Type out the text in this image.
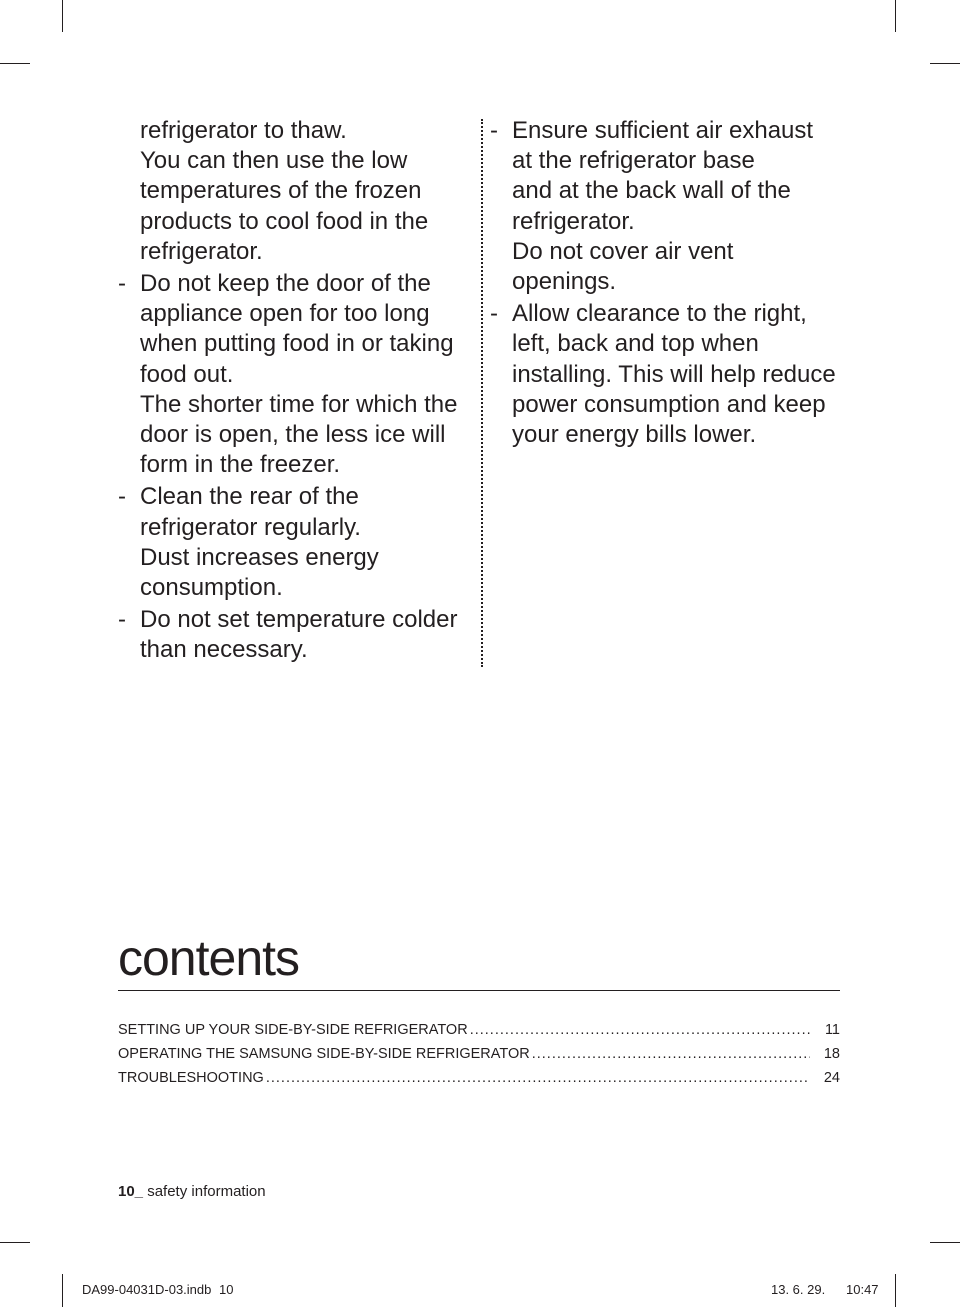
refrigerator to thaw.
You can then use the low
temperatures of the frozen
products to cool food in the
refrigerator.
- Do not keep the door of the
appliance open for too long
when putting food in or taking
food out.
The shorter time for which the
door is open, the less ice will
form in the freezer.
- Clean the rear of the
refrigerator regularly.
Dust increases energy
consumption.
- Do not set temperature colder
than necessary.
- Ensure sufficient air exhaust
at the refrigerator base
and at the back wall of the
refrigerator.
Do not cover air vent
openings.
- Allow clearance to the right,
left, back and top when
installing. This will help reduce
power consumption and keep
your energy bills lower.
contents
SETTING UP YOUR SIDE-BY-SIDE REFRIGERATOR .....	11
OPERATING THE SAMSUNG SIDE-BY-SIDE REFRIGERATOR .....	18
TROUBLESHOOTING .....	24
10_ safety information
DA99-04031D-03.indb 10	13. 6. 29. 10:47
